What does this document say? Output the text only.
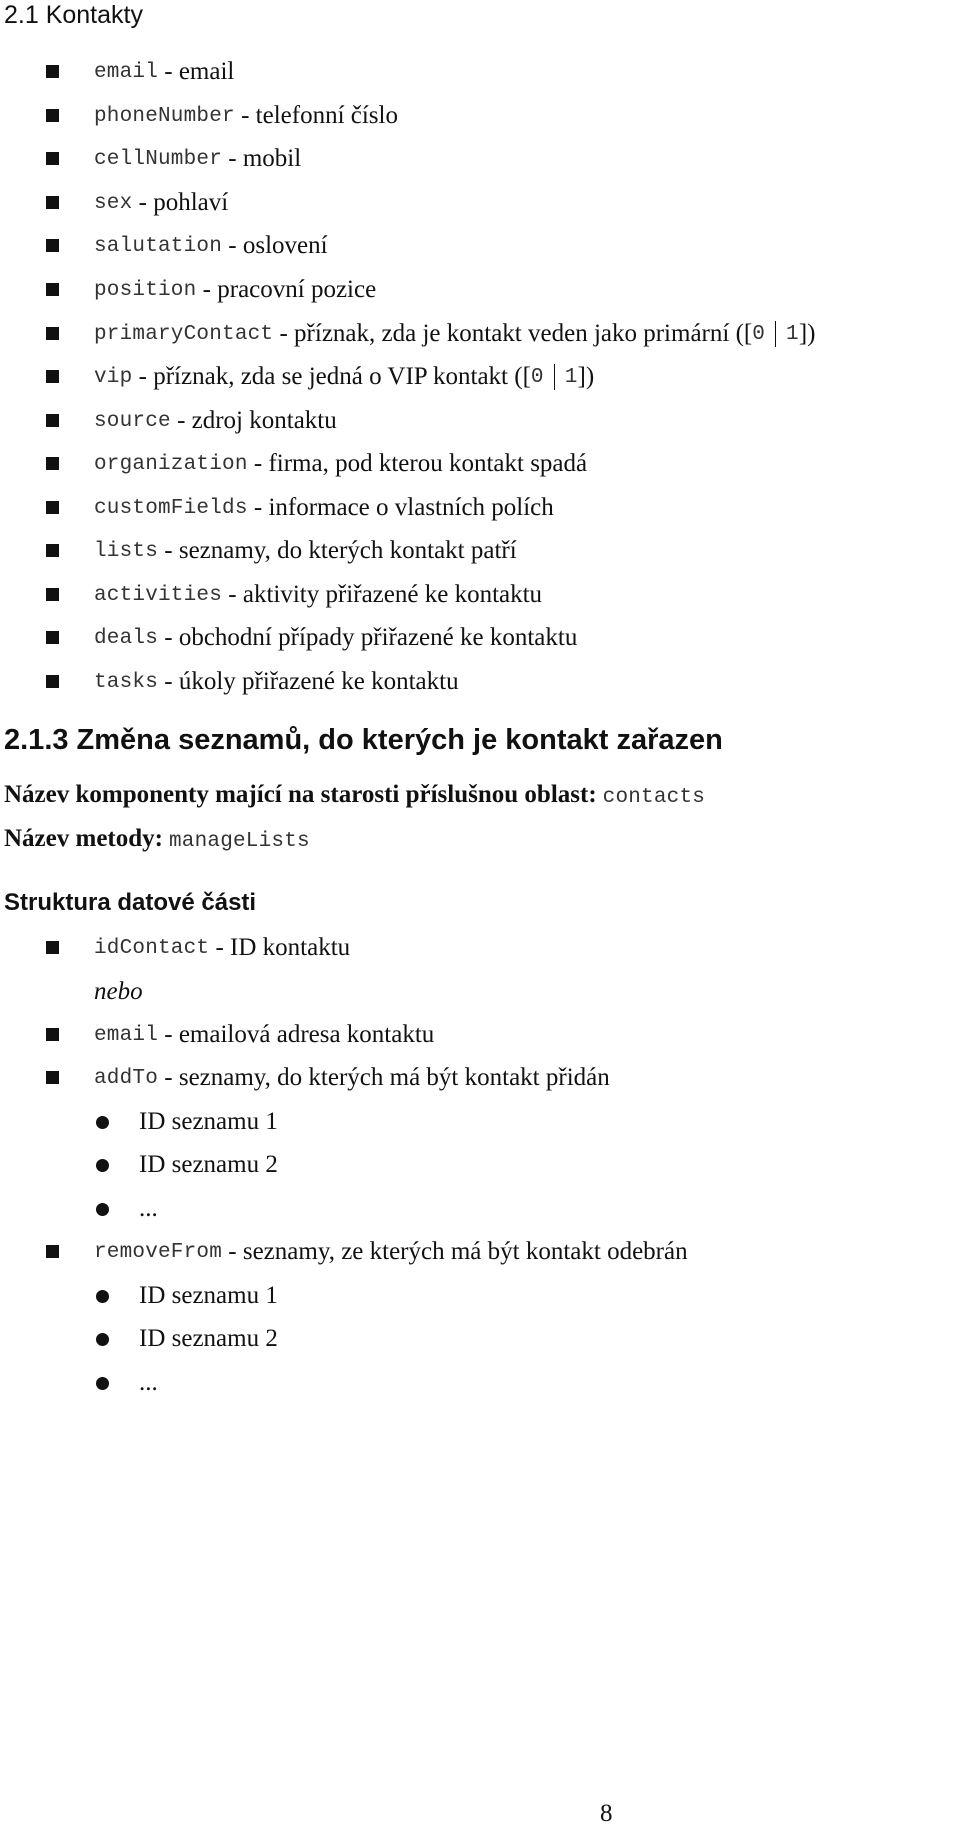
2.1 Kontakty
email
- email
phoneNumber
- telefonní číslo
cellNumber
- mobil
sex
- pohlaví
salutation
- oslovení
position
- pracovní pozice
primaryContact
- příznak, zda je kontakt veden jako primární ([ 0 1 ])
vip
- příznak, zda se jedná o VIP kontakt ([ 0 1 ])
source
- zdroj kontaktu
organization
- firma, pod kterou kontakt spadá
customFields
- informace o vlastních polích
lists
- seznamy, do kterých kontakt patří
activities
- aktivity přiřazené ke kontaktu
deals
- obchodní případy přiřazené ke kontaktu
tasks
- úkoly přiřazené ke kontaktu
2.1.3 Změna seznamů, do kterých je kontakt zařazen
Název komponenty mající na starosti příslušnou oblast: contacts
Název metody: manageLists
Struktura datové části
idContact
- ID kontaktu
nebo
email
- emailová adresa kontaktu
addTo
- seznamy, do kterých má být kontakt přidán
ID seznamu 1
ID seznamu 2
...
removeFrom
- seznamy, ze kterých má být kontakt odebrán
ID seznamu 1
ID seznamu 2
...
8
